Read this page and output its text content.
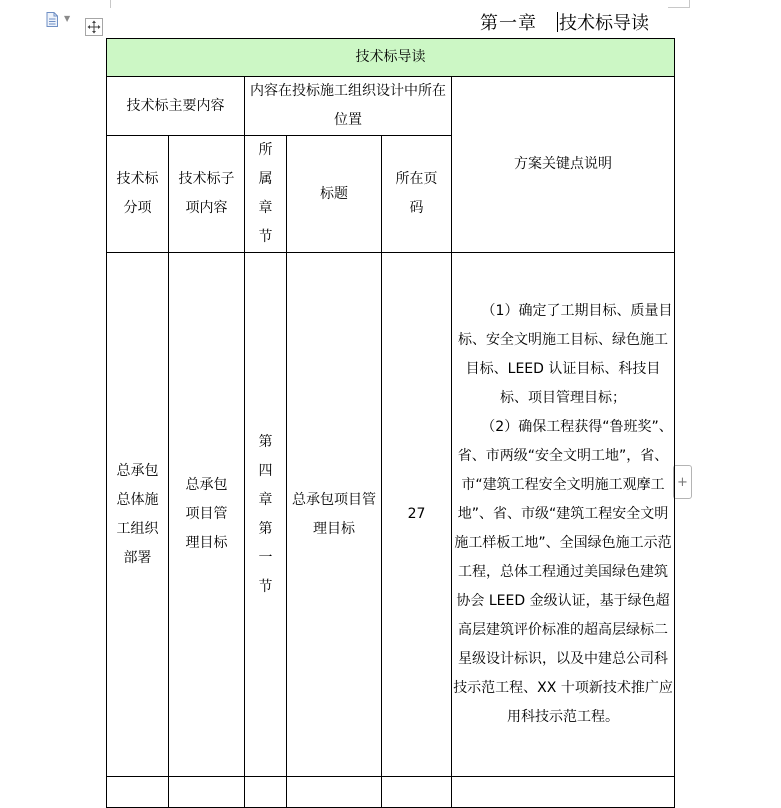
▼	第一章 技术标导读
+
技术标导读					
技术标主要内容		内容在投标施工组织设计中所在位置			方案关键点说明
技术标分项	技术标子项内容	所属章节	标题	所在页码	
总承包总体施工组织部署	总承包项目管理目标	第四章第一节	总承包项目管理目标	27	（1）确定了工期目标、质量目标、安全文明施工目标、绿色施工目标、LEED 认证目标、科技目标、项目管理目标；

（2）确保工程获得“鲁班奖”、省、市两级“安全文明工地”，省、市“建筑工程安全文明施工观摩工地”、省、市级“建筑工程安全文明施工样板工地”、全国绿色施工示范工程，总体工程通过美国绿色建筑协会 LEED 金级认证，基于绿色超高层建筑评价标准的超高层绿标二星级设计标识，以及中建总公司科技示范工程、XX 十项新技术推广应用科技示范工程。
